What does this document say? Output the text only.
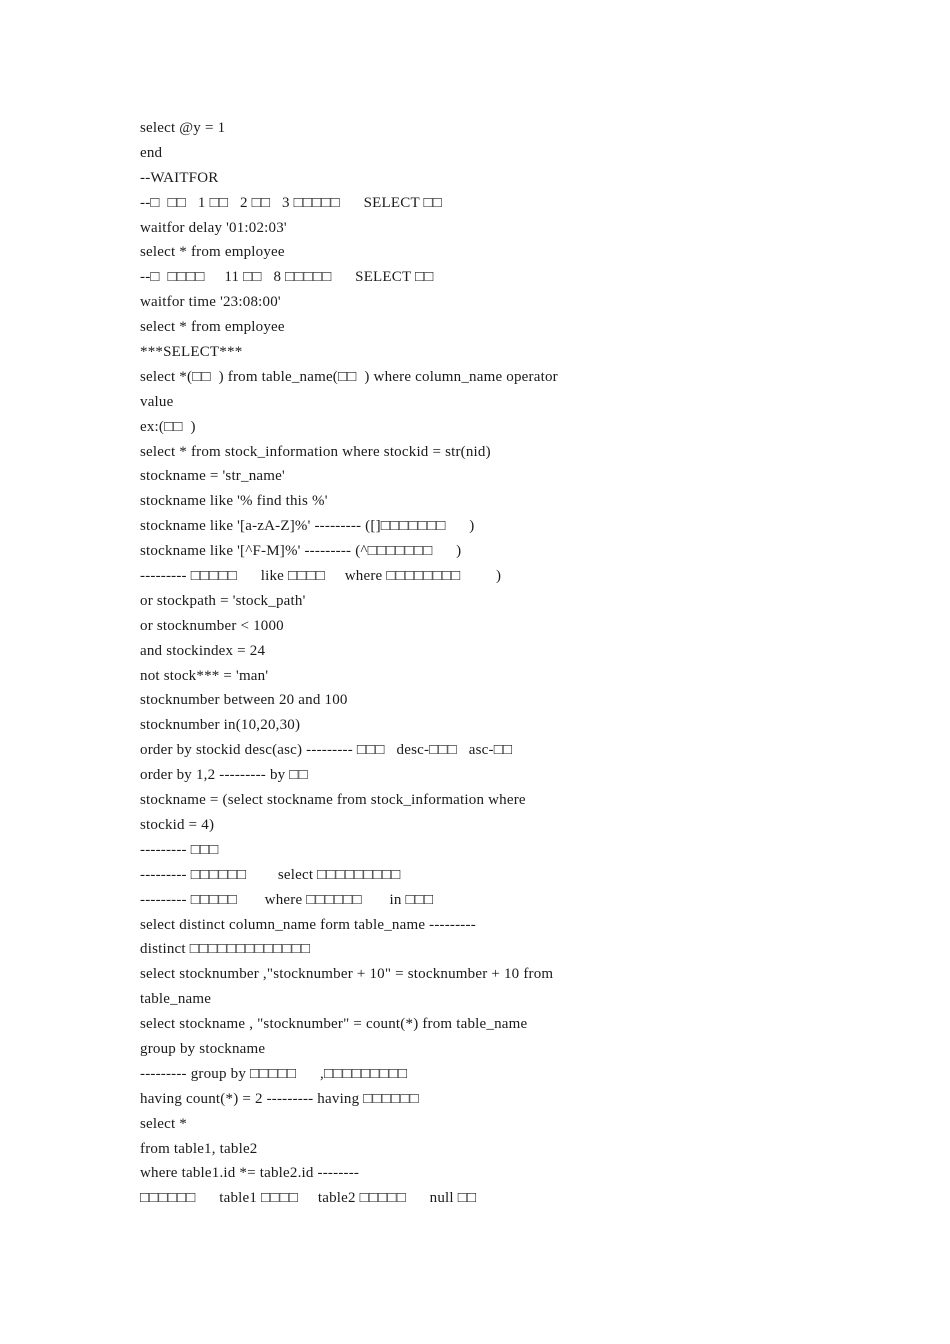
select @y = 1
end
--WAITFOR
--□  □□   1 □□   2 □□   3 □□□□□      SELECT □□
waitfor delay '01:02:03'
select * from employee
--□  □□□□     11 □□   8 □□□□□      SELECT □□
waitfor time '23:08:00'
select * from employee
***SELECT***
select *(□□  ) from table_name(□□  ) where column_name operator
value
ex:(□□  )
select * from stock_information where stockid = str(nid)
stockname = 'str_name'
stockname like '% find this %'
stockname like '[a-zA-Z]%' --------- ([]□□□□□□□      )
stockname like '[^F-M]%' --------- (^□□□□□□□      )
--------- □□□□□      like □□□□     where □□□□□□□□         )
or stockpath = 'stock_path'
or stocknumber < 1000
and stockindex = 24
not stock*** = 'man'
stocknumber between 20 and 100
stocknumber in(10,20,30)
order by stockid desc(asc) --------- □□□   desc-□□□   asc-□□
order by 1,2 --------- by □□
stockname = (select stockname from stock_information where
stockid = 4)
--------- □□□
--------- □□□□□□        select □□□□□□□□□
--------- □□□□□       where □□□□□□       in □□□
select distinct column_name form table_name ---------
distinct □□□□□□□□□□□□□
select stocknumber ,"stocknumber + 10" = stocknumber + 10 from
table_name
select stockname , "stocknumber" = count(*) from table_name
group by stockname
--------- group by □□□□□      ,□□□□□□□□□
having count(*) = 2 --------- having □□□□□□
select *
from table1, table2
where table1.id *= table2.id --------
□□□□□□      table1 □□□□     table2 □□□□□      null □□
